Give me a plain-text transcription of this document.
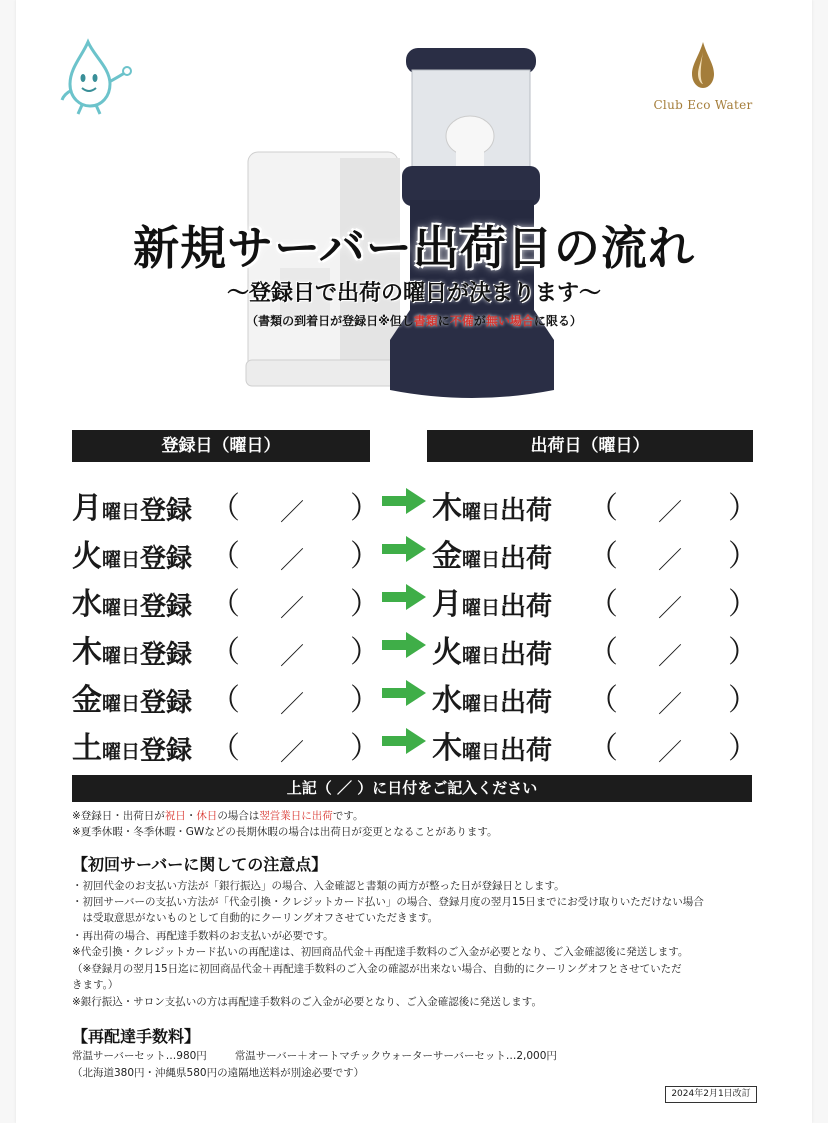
Club Eco Water
新規サーバー出荷日の流れ
～登録日で出荷の曜日が決まります～
（書類の到着日が登録日※但し書類に不備が無い場合に限る）
登録日（曜日）	出荷日（曜日）
月 曜日 登録 （ ／ ） 木 曜日 出荷 （ ／ ）
火 曜日 登録 （ ／ ） 金 曜日 出荷 （ ／ ）
水 曜日 登録 （ ／ ） 月 曜日 出荷 （ ／ ）
木 曜日 登録 （ ／ ） 火 曜日 出荷 （ ／ ）
金 曜日 登録 （ ／ ） 水 曜日 出荷 （ ／ ）
土 曜日 登録 （ ／ ） 木 曜日 出荷 （ ／ ）
上記（ ／ ）に日付をご記入ください
※登録日・出荷日が祝日・休日の場合は翌営業日に出荷です。
※夏季休暇・冬季休暇・GWなどの長期休暇の場合は出荷日が変更となることがあります。
【初回サーバーに関しての注意点】
・初回代金のお支払い方法が「銀行振込」の場合、入金確認と書類の両方が整った日が登録日とします。
・初回サーバーの支払い方法が「代金引換・クレジットカード払い」の場合、登録月度の翌月15日までにお受け取りいただけない場合
　は受取意思がないものとして自動的にクーリングオフさせていただきます。
・再出荷の場合、再配達手数料のお支払いが必要です。
※代金引換・クレジットカード払いの再配達は、初回商品代金＋再配達手数料のご入金が必要となり、ご入金確認後に発送します。
（※登録月の翌月15日迄に初回商品代金＋再配達手数料のご入金の確認が出来ない場合、自動的にクーリングオフとさせていただ
きます。）
※銀行振込・サロン支払いの方は再配達手数料のご入金が必要となり、ご入金確認後に発送します。
【再配達手数料】
常温サーバーセット…980円	常温サーバー＋オートマチックウォーターサーバーセット…2,000円
（北海道380円・沖縄県580円の遠隔地送料が別途必要です）
2024年2月1日改訂
